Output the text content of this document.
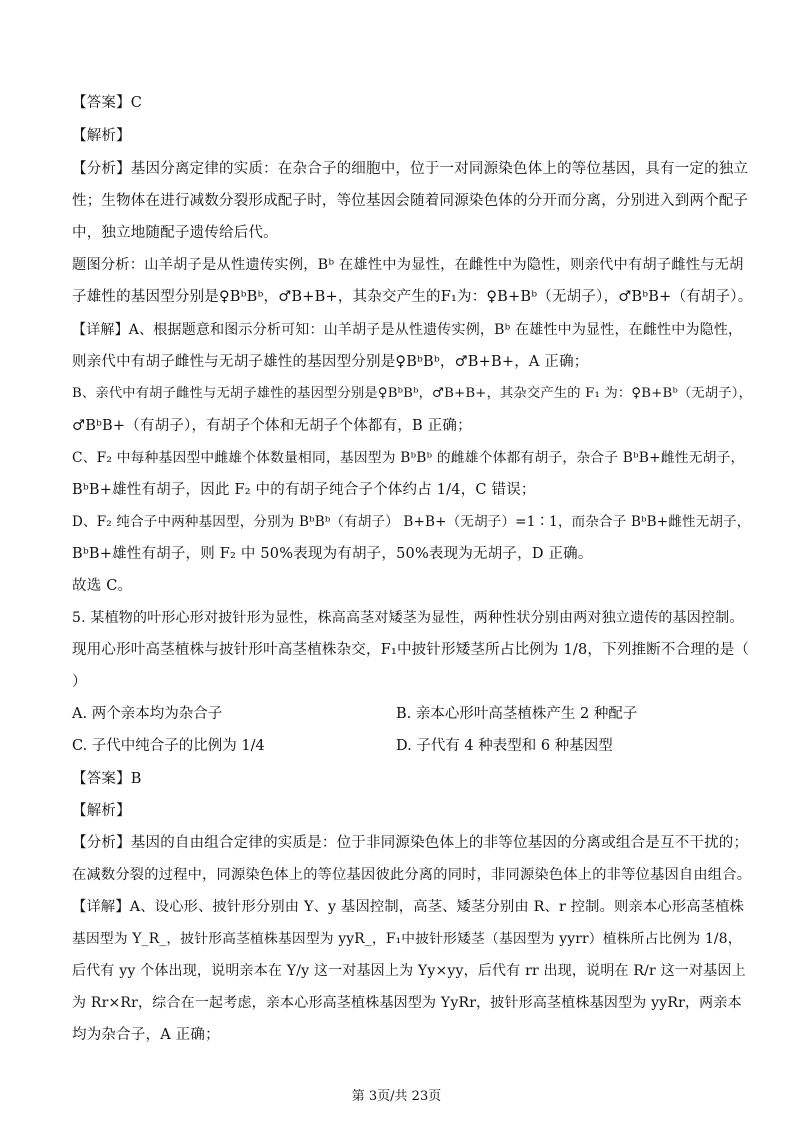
【答案】C
【解析】
【分析】基因分离定律的实质：在杂合子的细胞中，位于一对同源染色体上的等位基因，具有一定的独立
性；生物体在进行减数分裂形成配子时，等位基因会随着同源染色体的分开而分离，分别进入到两个配子
中，独立地随配子遗传给后代。
题图分析：山羊胡子是从性遗传实例，Bᵇ 在雄性中为显性，在雌性中为隐性，则亲代中有胡子雌性与无胡
子雄性的基因型分别是♀BᵇBᵇ，♂B+B+，其杂交产生的F₁为：♀B+Bᵇ（无胡子），♂BᵇB+（有胡子）。
【详解】A、根据题意和图示分析可知：山羊胡子是从性遗传实例，Bᵇ 在雄性中为显性，在雌性中为隐性，
则亲代中有胡子雌性与无胡子雄性的基因型分别是♀BᵇBᵇ，♂B+B+，A 正确；
B、亲代中有胡子雌性与无胡子雄性的基因型分别是♀BᵇBᵇ，♂B+B+，其杂交产生的 F₁ 为：♀B+Bᵇ（无胡子），
♂BᵇB+（有胡子），有胡子个体和无胡子个体都有，B 正确；
C、F₂ 中每种基因型中雌雄个体数量相同，基因型为 BᵇBᵇ 的雌雄个体都有胡子，杂合子 BᵇB+雌性无胡子，
BᵇB+雄性有胡子，因此 F₂ 中的有胡子纯合子个体约占 1/4，C 错误；
D、F₂ 纯合子中两种基因型，分别为 BᵇBᵇ（有胡子） B+B+（无胡子）=1∶1，而杂合子 BᵇB+雌性无胡子，
BᵇB+雄性有胡子，则 F₂ 中 50%表现为有胡子，50%表现为无胡子，D 正确。
故选 C。
5. 某植物的叶形心形对披针形为显性，株高高茎对矮茎为显性，两种性状分别由两对独立遗传的基因控制。
现用心形叶高茎植株与披针形叶高茎植株杂交，F₁中披针形矮茎所占比例为 1/8，下列推断不合理的是（
）
A. 两个亲本均为杂合子	B. 亲本心形叶高茎植株产生 2 种配子
C. 子代中纯合子的比例为 1/4	D. 子代有 4 种表型和 6 种基因型
【答案】B
【解析】
【分析】基因的自由组合定律的实质是：位于非同源染色体上的非等位基因的分离或组合是互不干扰的；
在减数分裂的过程中，同源染色体上的等位基因彼此分离的同时，非同源染色体上的非等位基因自由组合。
【详解】A、设心形、披针形分别由 Y、y 基因控制，高茎、矮茎分别由 R、r 控制。则亲本心形高茎植株
基因型为 Y_R_，披针形高茎植株基因型为 yyR_，F₁中披针形矮茎（基因型为 yyrr）植株所占比例为 1/8，
后代有 yy 个体出现，说明亲本在 Y/y 这一对基因上为 Yy×yy，后代有 rr 出现，说明在 R/r 这一对基因上
为 Rr×Rr，综合在一起考虑，亲本心形高茎植株基因型为 YyRr，披针形高茎植株基因型为 yyRr，两亲本
均为杂合子，A 正确；
第 3页/共 23页
